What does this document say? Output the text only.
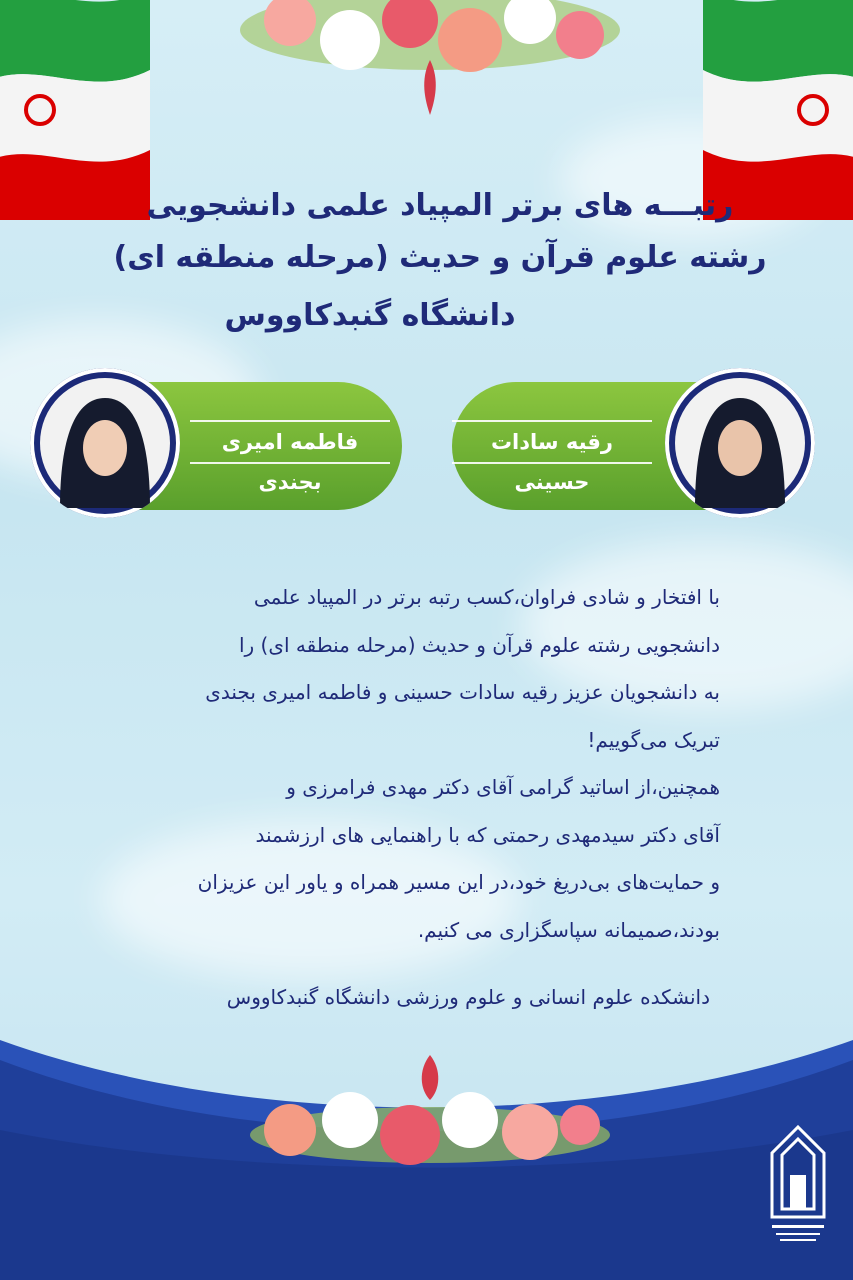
رتبـــه های برتر المپیاد علمی دانشجویی
رشته علوم قرآن و حدیث (مرحله منطقه ای)
دانشگاه گنبدکاووس
رقیه سادات حسینی
فاطمه امیری بجندی
با افتخار و شادی فراوان،کسب رتبه برتر در المپیاد علمی
دانشجویی رشته علوم قرآن و حدیث (مرحله منطقه ای) را
به دانشجویان عزیز رقیه سادات حسینی و فاطمه امیری بجندی
تبریک می‌گوییم!
همچنین،از اساتید گرامی آقای دکتر مهدی فرامرزی و
آقای دکتر سیدمهدی رحمتی که با راهنمایی های ارزشمند
و حمایت‌های بی‌دریغ خود،در این مسیر همراه و یاور این عزیزان
بودند،صمیمانه سپاسگزاری می کنیم.
دانشکده علوم انسانی و علوم ورزشی دانشگاه گنبدکاووس
